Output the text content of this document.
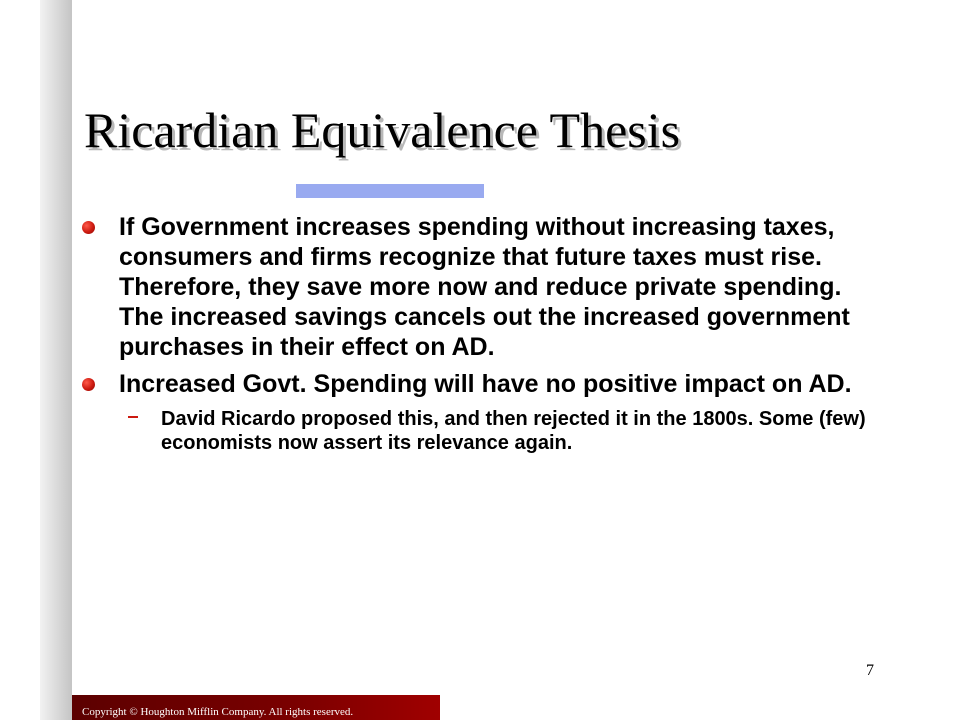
Ricardian Equivalence Thesis
If Government increases spending without increasing taxes, consumers and firms recognize that future taxes must rise. Therefore, they save more now and reduce private spending. The increased savings cancels out the increased government purchases in their effect on AD.
Increased Govt. Spending will have no positive impact on AD.
David Ricardo proposed this, and then rejected it in the 1800s. Some (few) economists now assert its relevance again.
7
Copyright © Houghton Mifflin Company. All rights reserved.
